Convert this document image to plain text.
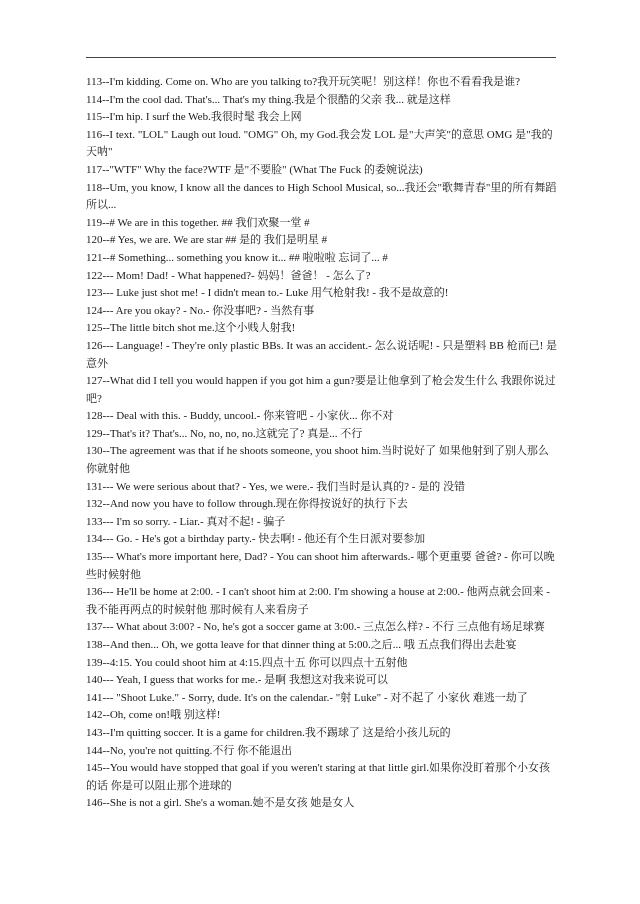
113--I'm kidding. Come on. Who are you talking to?我开玩笑呢！别这样！你也不看看我是谁?

114--I'm the cool dad. That's... That's my thing.我是个很酷的父亲 我... 就是这样

115--I'm hip. I surf the Web.我很时髦 我会上网

116--I text. "LOL" Laugh out loud. "OMG" Oh, my God.我会发 LOL 是"大声笑"的意思 OMG 是"我的天呐"

117--"WTF" Why the face?WTF 是"不要脸" (What The Fuck 的委婉说法)

118--Um, you know, I know all the dances to High School Musical, so...我还会"歌舞青春"里的所有舞蹈 所以...

119--# We are in this together. ## 我们欢聚一堂 #

120--# Yes, we are. We are star ## 是的 我们是明星 #

121--# Something... something you know it... ## 啦啦啦 忘词了... #

122--- Mom! Dad! - What happened?- 妈妈！爸爸！ - 怎么了?

123--- Luke just shot me! - I didn't mean to.- Luke 用气枪射我! - 我不是故意的!

124--- Are you okay? - No.- 你没事吧? - 当然有事

125--The little bitch shot me.这个小贱人射我!

126--- Language! - They're only plastic BBs. It was an accident.- 怎么说话呢! - 只是塑料 BB 枪而已! 是意外

127--What did I tell you would happen if you got him a gun?要是让他拿到了枪会发生什么 我跟你说过吧?

128--- Deal with this. - Buddy, uncool.- 你来管吧 - 小家伙... 你不对

129--That's it? That's... No, no, no, no.这就完了? 真是... 不行

130--The agreement was that if he shoots someone, you shoot him.当时说好了 如果他射到了别人那么你就射他

131--- We were serious about that? - Yes, we were.- 我们当时是认真的? - 是的 没错

132--And now you have to follow through.现在你得按说好的执行下去

133--- I'm so sorry. - Liar.- 真对不起! - 骗子

134--- Go. - He's got a birthday party.- 快去啊! - 他还有个生日派对要参加

135--- What's more important here, Dad? - You can shoot him afterwards.- 哪个更重要 爸爸? - 你可以晚些时候射他

136--- He'll be home at 2:00. - I can't shoot him at 2:00. I'm showing a house at 2:00.- 他两点就会回来 - 我不能再两点的时候射他 那时候有人来看房子

137--- What about 3:00? - No, he's got a soccer game at 3:00.- 三点怎么样? - 不行 三点他有场足球赛

138--And then... Oh, we gotta leave for that dinner thing at 5:00.之后... 哦 五点我们得出去赴宴

139--4:15. You could shoot him at 4:15.四点十五 你可以四点十五射他

140--- Yeah, I guess that works for me.- 是啊 我想这对我来说可以

141--- "Shoot Luke." - Sorry, dude. It's on the calendar.- "射 Luke" - 对不起了 小家伙 难逃一劫了

142--Oh, come on!哦 别这样!

143--I'm quitting soccer. It is a game for children.我不踢球了 这是给小孩儿玩的

144--No, you're not quitting.不行 你不能退出

145--You would have stopped that goal if you weren't staring at that little girl.如果你没盯着那个小女孩的话 你是可以阻止那个进球的

146--She is not a girl. She's a woman.她不是女孩 她是女人
